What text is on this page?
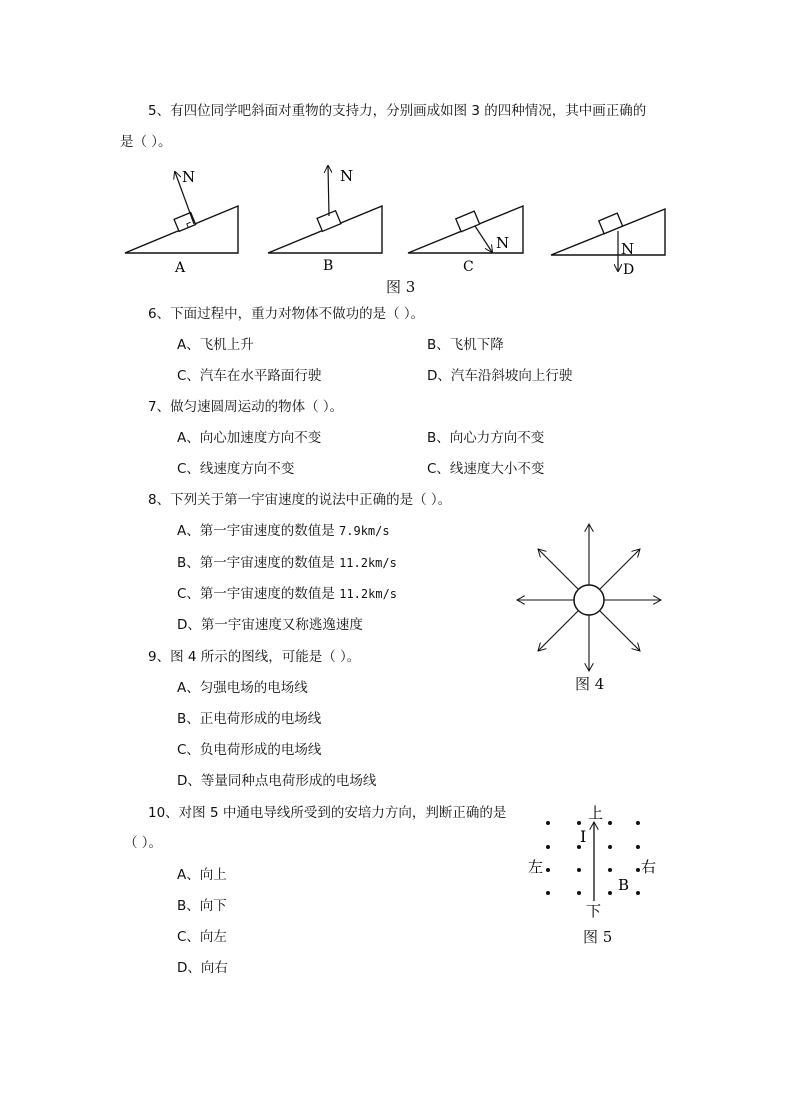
5、有四位同学吧斜面对重物的支持力，分别画成如图 3 的四种情况，其中画正确的
是（ ）。
N
A
N
B
N
C
N
D
图 3
6、下面过程中，重力对物体不做功的是（ ）。
A、飞机上升	B、飞机下降
C、汽车在水平路面行驶	D、汽车沿斜坡向上行驶
7、做匀速圆周运动的物体（ ）。
A、向心加速度方向不变	B、向心力方向不变
C、线速度方向不变	C、线速度大小不变
8、下列关于第一宇宙速度的说法中正确的是（ ）。
A、第一宇宙速度的数值是 7.9km/s
B、第一宇宙速度的数值是 11.2km/s
C、第一宇宙速度的数值是 11.2km/s
D、第一宇宙速度又称逃逸速度
图 4
9、图 4 所示的图线，可能是（ ）。
A、匀强电场的电场线
B、正电荷形成的电场线
C、负电荷形成的电场线
D、等量同种点电荷形成的电场线
10、对图 5 中通电导线所受到的安培力方向，判断正确的是
（ ）。
A、向上
B、向下
C、向左
D、向右
上
下
左	右
I
B
图 5
